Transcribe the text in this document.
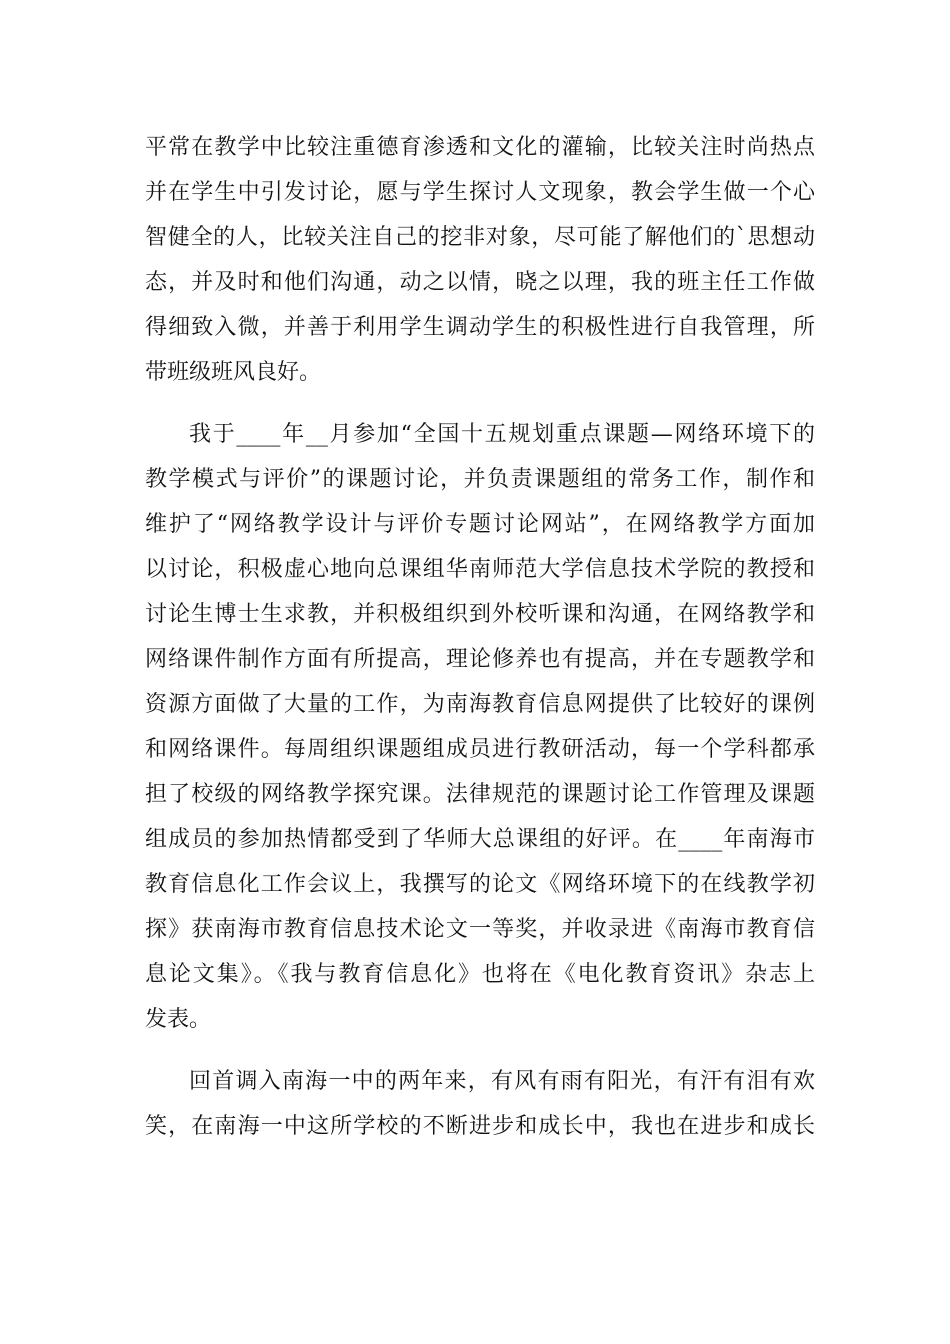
平常在教学中比较注重德育渗透和文化的灌输，比较关注时尚热点
并在学生中引发讨论，愿与学生探讨人文现象，教会学生做一个心
智健全的人，比较关注自己的挖非对象，尽可能了解他们的`思想动
态，并及时和他们沟通，动之以情，晓之以理，我的班主任工作做
得细致入微，并善于利用学生调动学生的积极性进行自我管理，所
带班级班风良好。
我于____年__月参加“全国十五规划重点课题—网络环境下的
教学模式与评价”的课题讨论，并负责课题组的常务工作，制作和
维护了“网络教学设计与评价专题讨论网站”，在网络教学方面加
以讨论，积极虚心地向总课组华南师范大学信息技术学院的教授和
讨论生博士生求教，并积极组织到外校听课和沟通，在网络教学和
网络课件制作方面有所提高，理论修养也有提高，并在专题教学和
资源方面做了大量的工作，为南海教育信息网提供了比较好的课例
和网络课件。每周组织课题组成员进行教研活动，每一个学科都承
担了校级的网络教学探究课。法律规范的课题讨论工作管理及课题
组成员的参加热情都受到了华师大总课组的好评。在____年南海市
教育信息化工作会议上，我撰写的论文《网络环境下的在线教学初
探》获南海市教育信息技术论文一等奖，并收录进《南海市教育信
息论文集》。《我与教育信息化》也将在《电化教育资讯》杂志上
发表。
回首调入南海一中的两年来，有风有雨有阳光，有汗有泪有欢
笑，在南海一中这所学校的不断进步和成长中，我也在进步和成长
